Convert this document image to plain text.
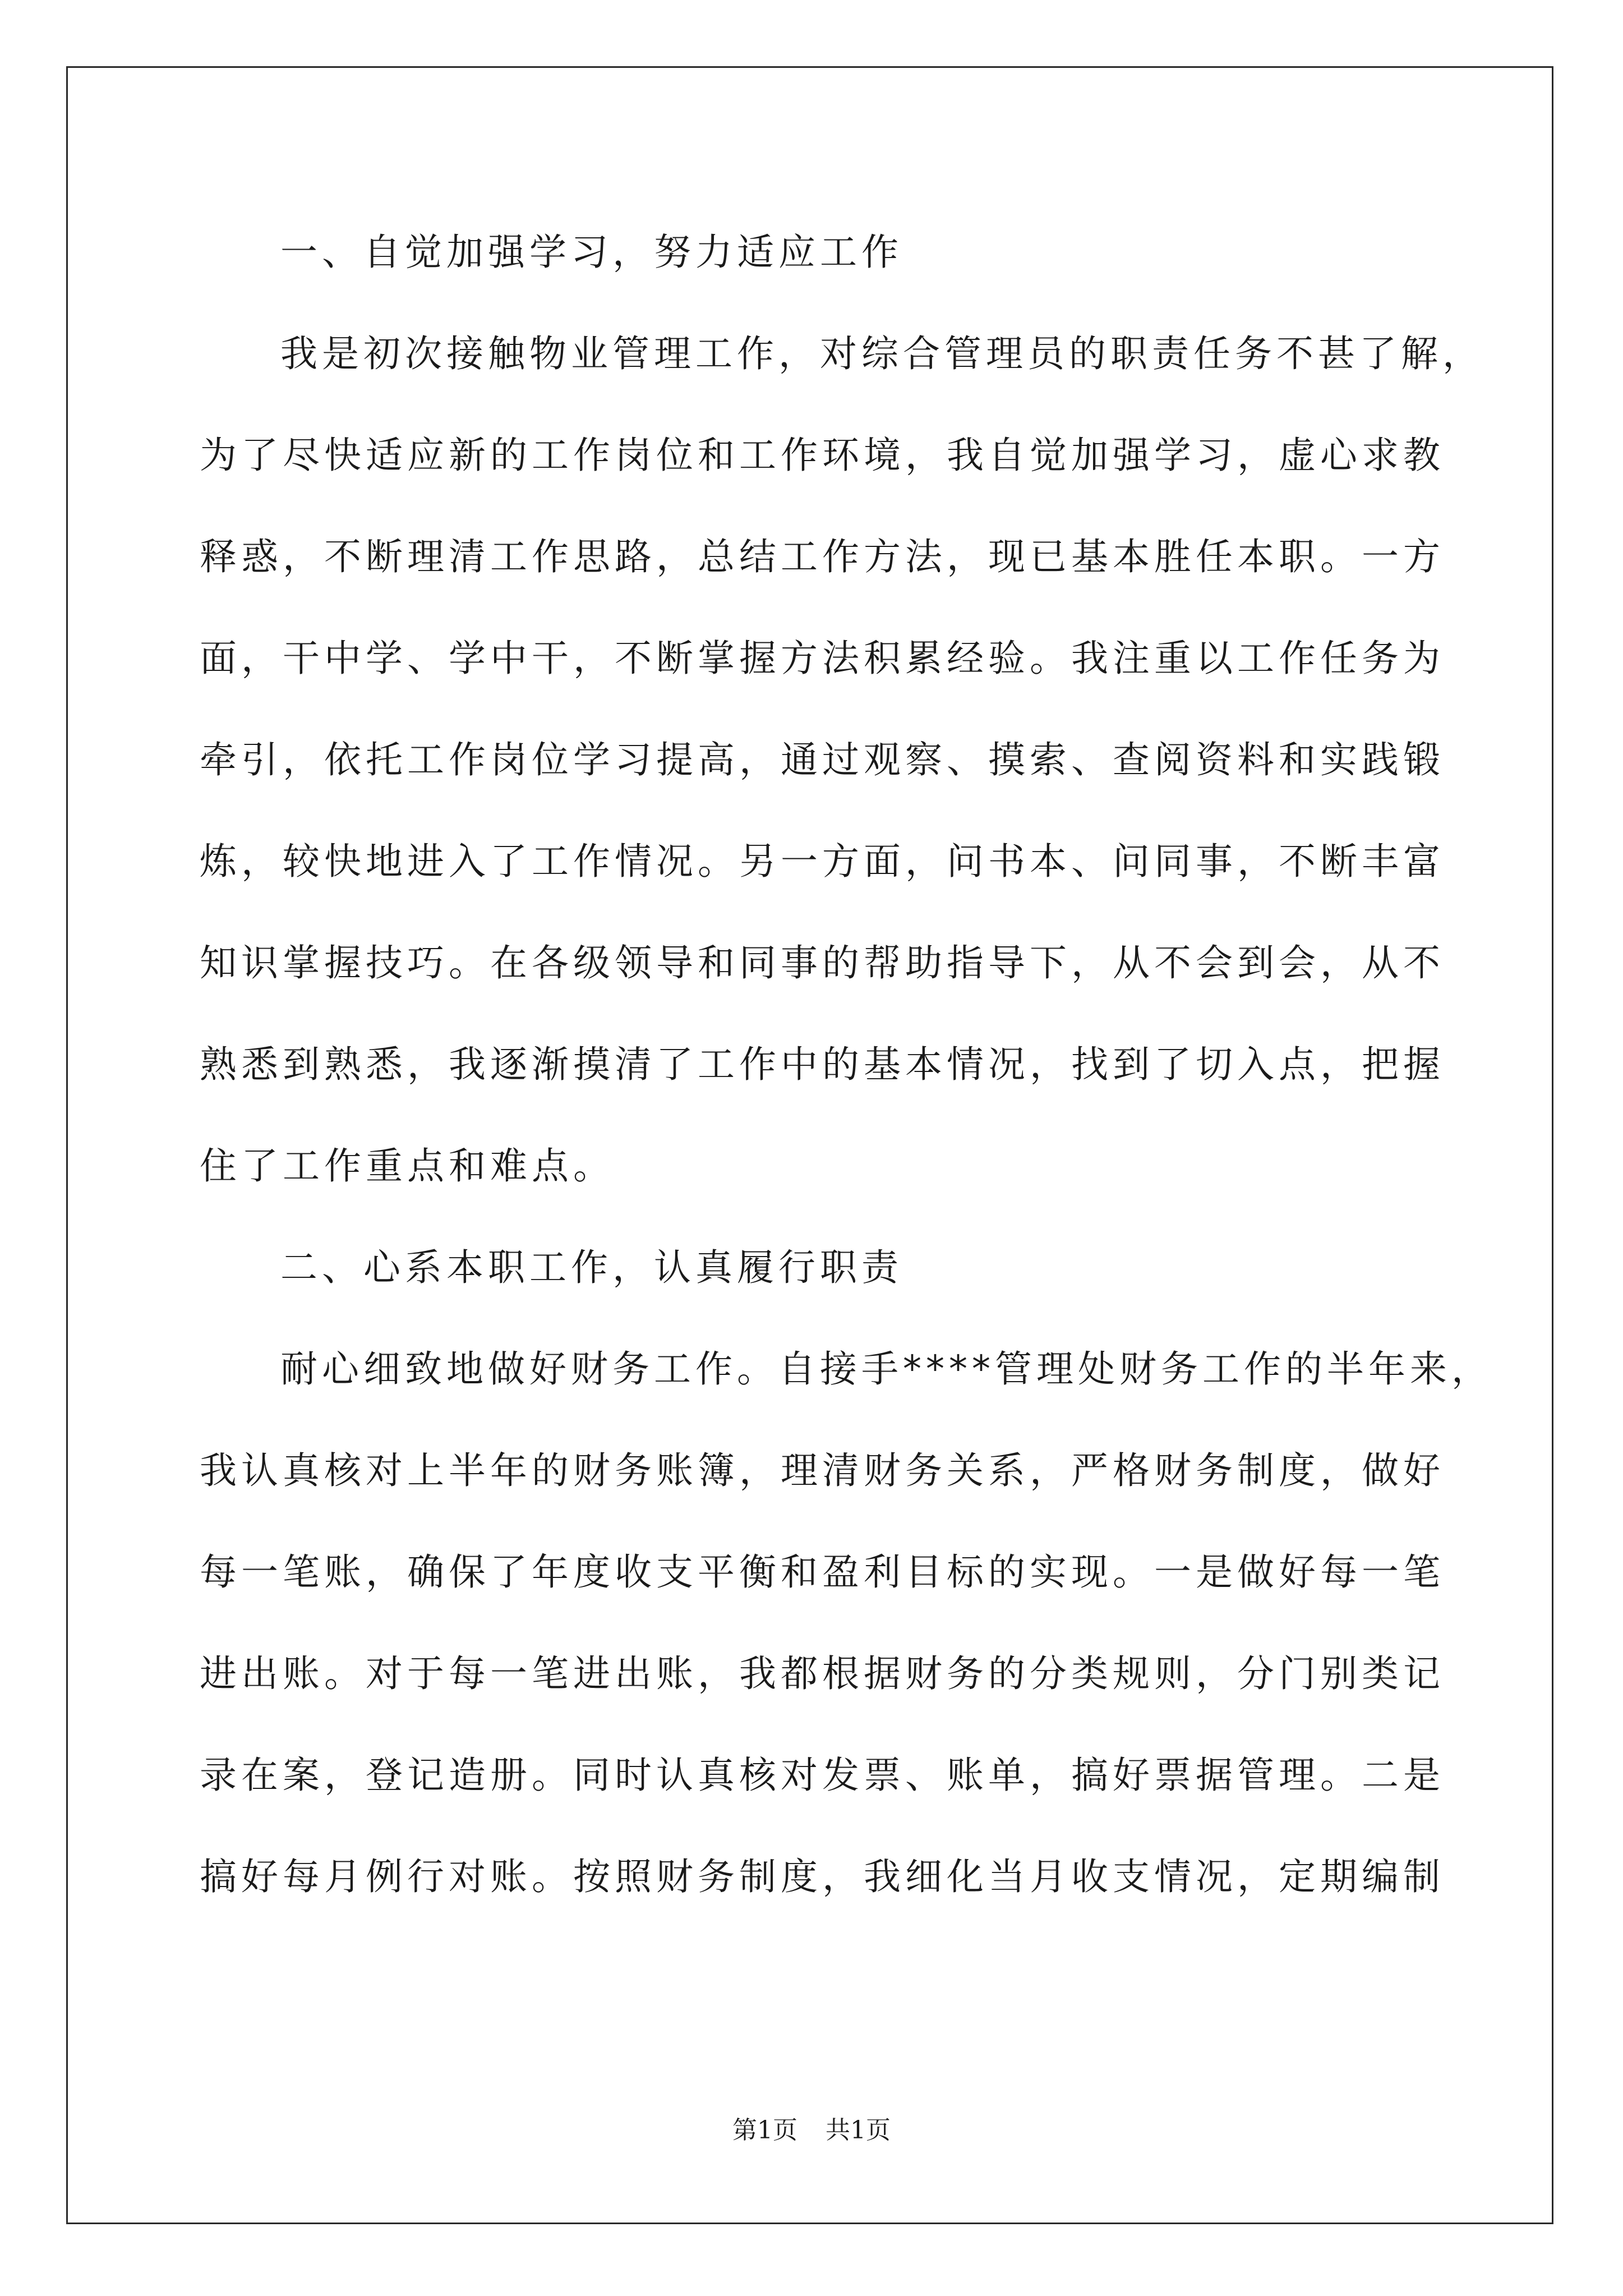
一、自觉加强学习，努力适应工作
我是初次接触物业管理工作，对综合管理员的职责任务不甚了解，
为了尽快适应新的工作岗位和工作环境，我自觉加强学习，虚心求教
释惑，不断理清工作思路，总结工作方法，现已基本胜任本职。一方
面，干中学、学中干，不断掌握方法积累经验。我注重以工作任务为
牵引，依托工作岗位学习提高，通过观察、摸索、查阅资料和实践锻
炼，较快地进入了工作情况。另一方面，问书本、问同事，不断丰富
知识掌握技巧。在各级领导和同事的帮助指导下，从不会到会，从不
熟悉到熟悉，我逐渐摸清了工作中的基本情况，找到了切入点，把握
住了工作重点和难点。
二、心系本职工作，认真履行职责
耐心细致地做好财务工作。自接手****管理处财务工作的半年来，
我认真核对上半年的财务账簿，理清财务关系，严格财务制度，做好
每一笔账，确保了年度收支平衡和盈利目标的实现。一是做好每一笔
进出账。对于每一笔进出账，我都根据财务的分类规则，分门别类记
录在案，登记造册。同时认真核对发票、账单，搞好票据管理。二是
搞好每月例行对账。按照财务制度，我细化当月收支情况，定期编制
第1页 共1页
